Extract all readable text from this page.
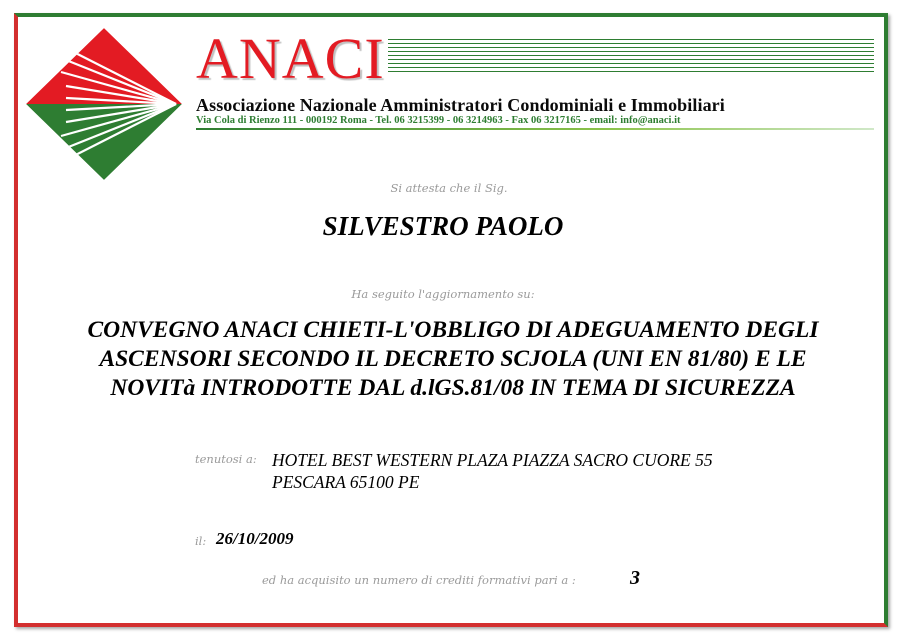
ANACI
Associazione Nazionale Amministratori Condominiali e Immobiliari
Via Cola di Rienzo 111 - 000192 Roma - Tel. 06 3215399 - 06 3214963 - Fax 06 3217165 - email: info@anaci.it
Si attesta che il Sig.
SILVESTRO PAOLO
Ha seguito l'aggiornamento su:
CONVEGNO ANACI CHIETI-L'OBBLIGO DI ADEGUAMENTO DEGLI
ASCENSORI SECONDO IL DECRETO SCJOLA (UNI EN 81/80) E LE
NOVITà INTRODOTTE DAL d.lGS.81/08 IN TEMA DI SICUREZZA
tenutosi a: HOTEL BEST WESTERN PLAZA PIAZZA SACRO CUORE 55
PESCARA 65100 PE
il: 26/10/2009
ed ha acquisito un numero di crediti formativi pari a :	3
